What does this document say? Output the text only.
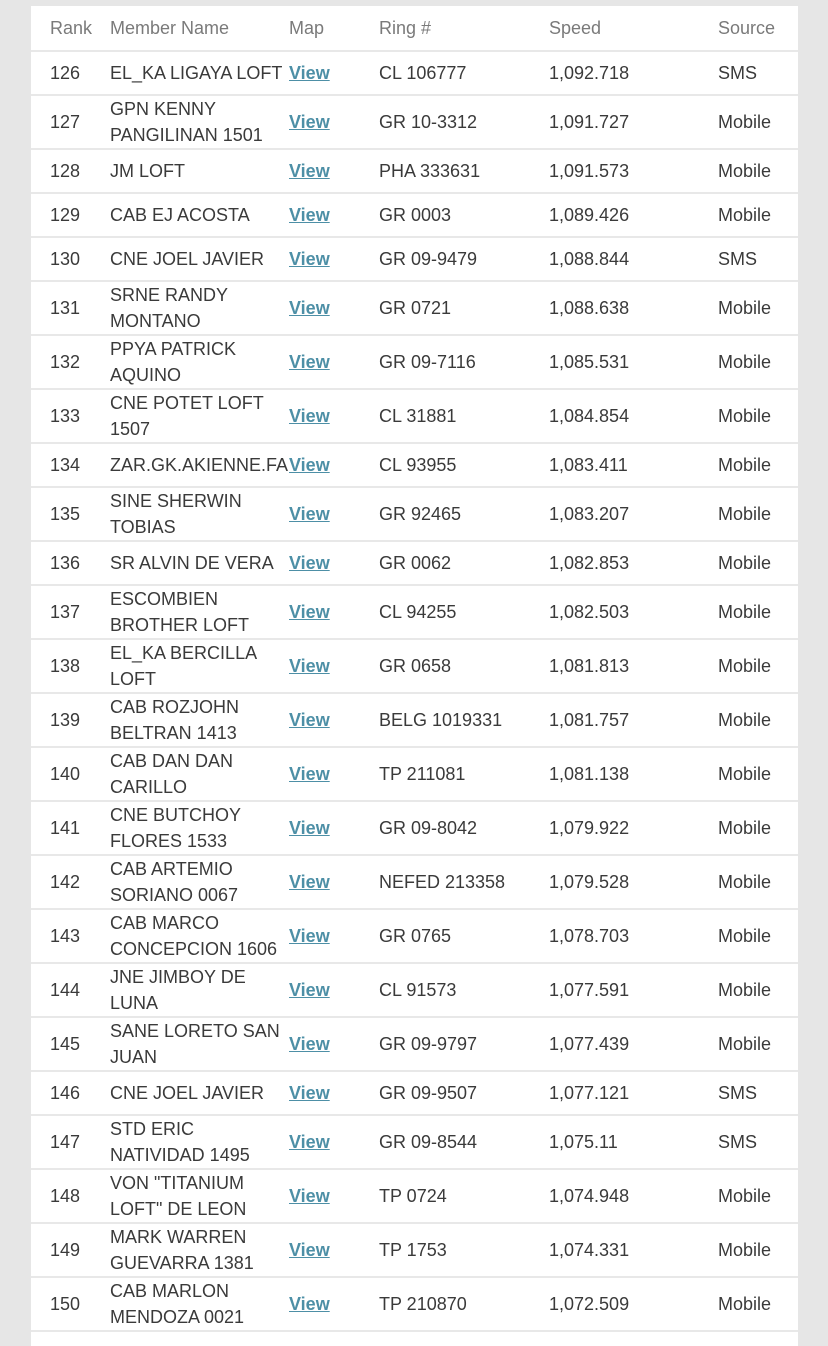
Rank	Member Name	Map	Ring #	Speed	Source
126	EL_KA LIGAYA LOFT	View	CL 106777	1,092.718	SMS
127	GPN KENNY PANGILINAN 1501	View	GR 10-3312	1,091.727	Mobile
128	JM LOFT	View	PHA 333631	1,091.573	Mobile
129	CAB EJ ACOSTA	View	GR 0003	1,089.426	Mobile
130	CNE JOEL JAVIER	View	GR 09-9479	1,088.844	SMS
131	SRNE RANDY MONTANO	View	GR 0721	1,088.638	Mobile
132	PPYA PATRICK AQUINO	View	GR 09-7116	1,085.531	Mobile
133	CNE POTET LOFT 1507	View	CL 31881	1,084.854	Mobile
134	ZAR.GK.AKIENNE.FA	View	CL 93955	1,083.411	Mobile
135	SINE SHERWIN TOBIAS	View	GR 92465	1,083.207	Mobile
136	SR ALVIN DE VERA	View	GR 0062	1,082.853	Mobile
137	ESCOMBIEN BROTHER LOFT	View	CL 94255	1,082.503	Mobile
138	EL_KA BERCILLA LOFT	View	GR 0658	1,081.813	Mobile
139	CAB ROZJOHN BELTRAN 1413	View	BELG 1019331	1,081.757	Mobile
140	CAB DAN DAN CARILLO	View	TP 211081	1,081.138	Mobile
141	CNE BUTCHOY FLORES 1533	View	GR 09-8042	1,079.922	Mobile
142	CAB ARTEMIO SORIANO 0067	View	NEFED 213358	1,079.528	Mobile
143	CAB MARCO CONCEPCION 1606	View	GR 0765	1,078.703	Mobile
144	JNE JIMBOY DE LUNA	View	CL 91573	1,077.591	Mobile
145	SANE LORETO SAN JUAN	View	GR 09-9797	1,077.439	Mobile
146	CNE JOEL JAVIER	View	GR 09-9507	1,077.121	SMS
147	STD ERIC NATIVIDAD 1495	View	GR 09-8544	1,075.11	SMS
148	VON "TITANIUM LOFT" DE LEON	View	TP 0724	1,074.948	Mobile
149	MARK WARREN GUEVARRA 1381	View	TP 1753	1,074.331	Mobile
150	CAB MARLON MENDOZA 0021	View	TP 210870	1,072.509	Mobile
